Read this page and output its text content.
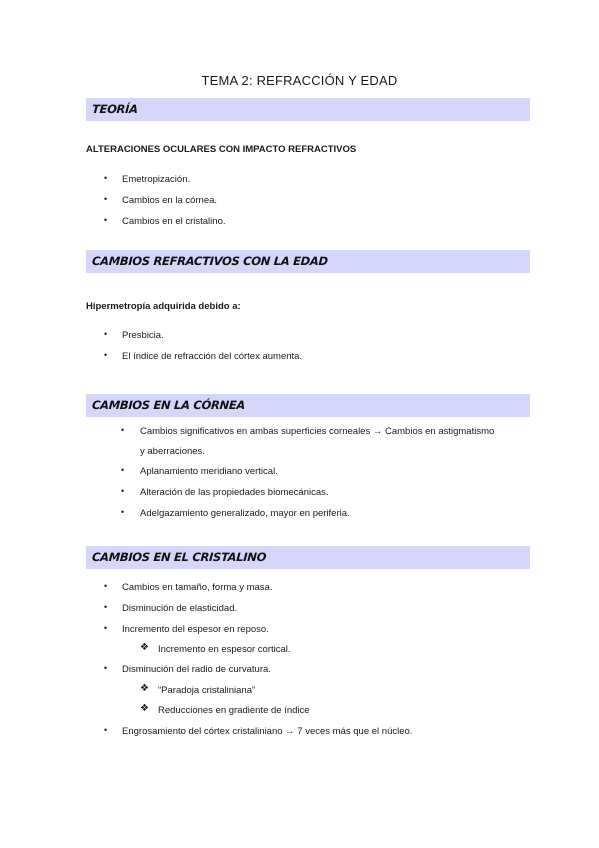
TEMA 2: REFRACCIÓN Y EDAD
TEORÍA
ALTERACIONES OCULARES CON IMPACTO REFRACTIVOS
• Emetropización.
• Cambios en la córnea.
• Cambios en el cristalino.
CAMBIOS REFRACTIVOS CON LA EDAD
Hipermetropía adquirida debido a:
• Presbicia.
• El índice de refracción del córtex aumenta.
CAMBIOS EN LA CÓRNEA
• Cambios significativos en ambas superficies corneales → Cambios en astigmatismo
y aberraciones.
• Aplanamiento meridiano vertical.
• Alteración de las propiedades biomecánicas.
• Adelgazamiento generalizado, mayor en periferia.
CAMBIOS EN EL CRISTALINO
• Cambios en tamaño, forma y masa.
• Disminución de elasticidad.
• Incremento del espesor en reposo.
❖ Incremento en espesor cortical.
• Disminución del radio de curvatura.
❖ “Paradoja cristaliniana”
❖ Reducciones en gradiente de índice
• Engrosamiento del córtex cristaliniano → 7 veces más que el núcleo.
